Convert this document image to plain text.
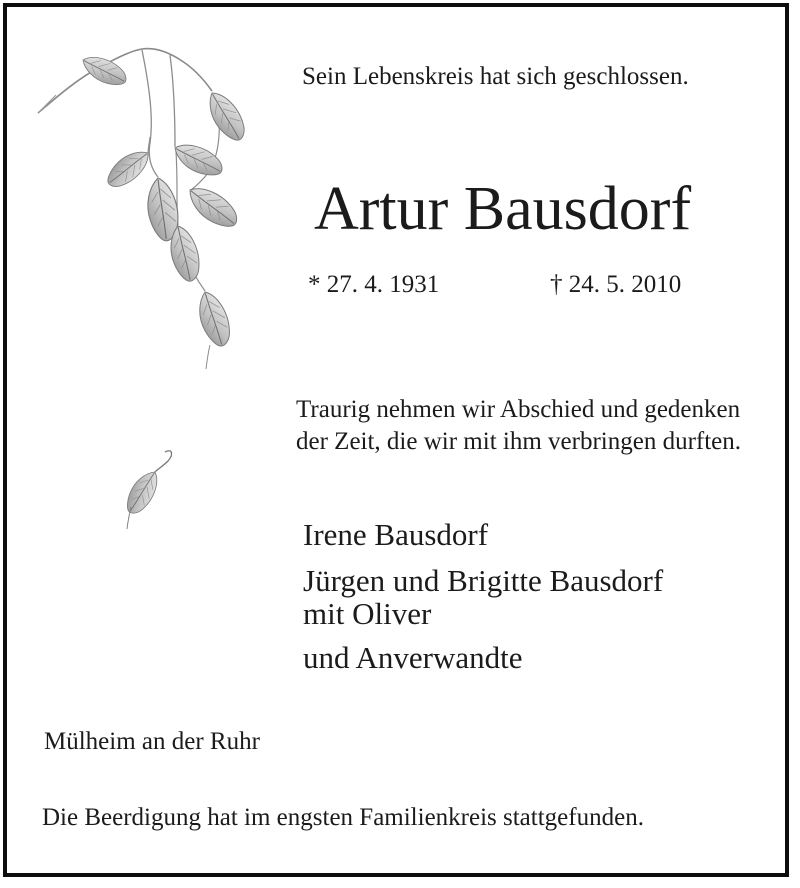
Sein Lebenskreis hat sich geschlossen.
Artur Bausdorf
* 27. 4. 1931	† 24. 5. 2010
Traurig nehmen wir Abschied und gedenken der Zeit, die wir mit ihm verbringen durften.
Irene Bausdorf
Jürgen und Brigitte Bausdorf
mit Oliver
und Anverwandte
Mülheim an der Ruhr
Die Beerdigung hat im engsten Familienkreis stattgefunden.
